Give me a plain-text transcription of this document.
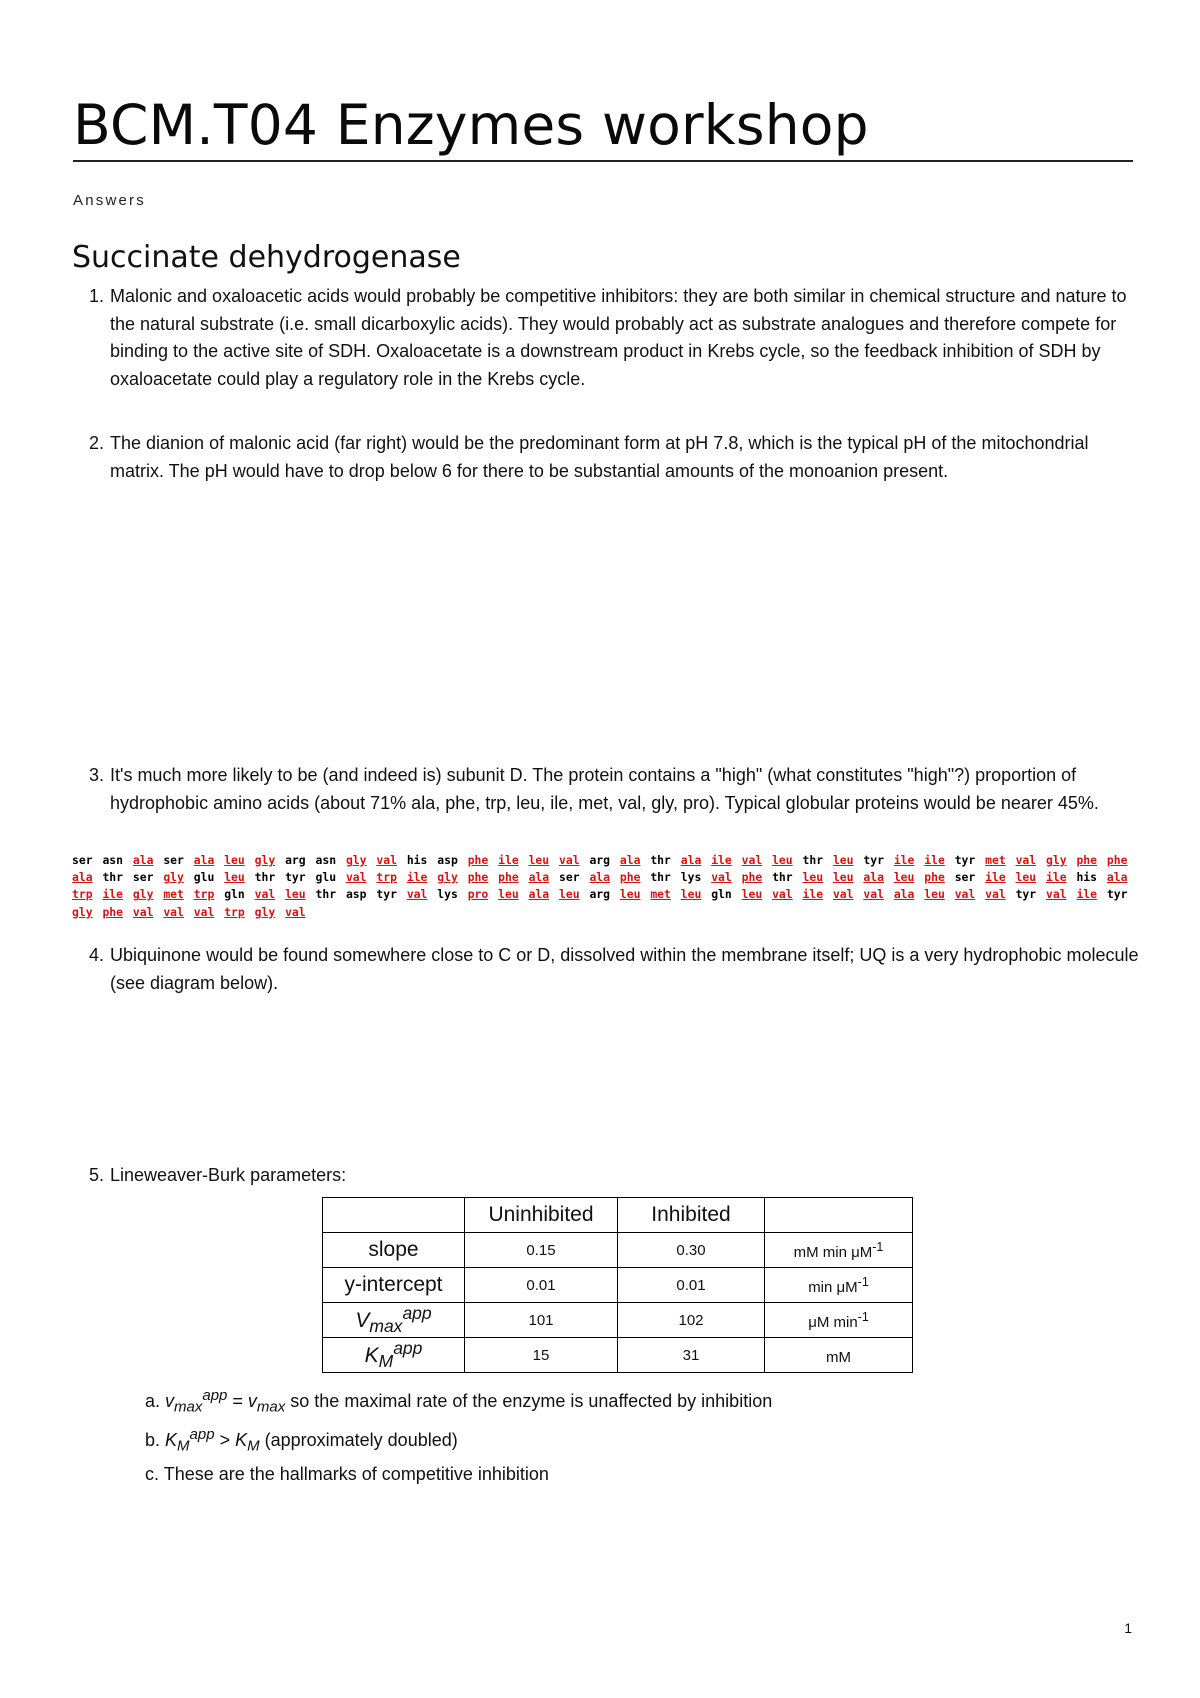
BCM.T04 Enzymes workshop
Answers
Succinate dehydrogenase
1. Malonic and oxaloacetic acids would probably be competitive inhibitors: they are both similar in chemical structure and nature to the natural substrate (i.e. small dicarboxylic acids). They would probably act as substrate analogues and therefore compete for binding to the active site of SDH. Oxaloacetate is a downstream product in Krebs cycle, so the feedback inhibition of SDH by oxaloacetate could play a regulatory role in the Krebs cycle.
2. The dianion of malonic acid (far right) would be the predominant form at pH 7.8, which is the typical pH of the mitochondrial matrix. The pH would have to drop below 6 for there to be substantial amounts of the monoanion present.
3. It's much more likely to be (and indeed is) subunit D. The protein contains a "high" (what constitutes "high"?) proportion of hydrophobic amino acids (about 71% ala, phe, trp, leu, ile, met, val, gly, pro). Typical globular proteins would be nearer 45%.
ser asn ala ser ala leu gly arg asn gly val his asp phe ile leu val arg ala thr ala ile val leu thr leu tyr ile ile tyr met val gly phe phe ala thr ser gly glu leu thr tyr glu val trp ile gly phe phe ala ser ala phe thr lys val phe thr leu leu ala leu phe ser ile leu ile his ala trp ile gly met trp gln val leu thr asp tyr val lys pro leu ala leu arg leu met leu gln leu val ile val val ala leu val val tyr val ile tyr gly phe val val val trp gly val
4. Ubiquinone would be found somewhere close to C or D, dissolved within the membrane itself; UQ is a very hydrophobic molecule (see diagram below).
5. Lineweaver-Burk parameters:
	Uninhibited	Inhibited	
slope	0.15	0.30	mM $\min \mu M^{-1}$
y-intercept	0.01	0.01	$\min \mu M^{-1}$
$V_{max}^{app}$	101	102	μM $\min^{-1}$
$K_M^{app}$	15	31	mM
a. $v_{max}^{app} = v_{max}$ so the maximal rate of the enzyme is unaffected by inhibition
b. $K_M^{app} > K_M$ (approximately doubled)
c. These are the hallmarks of competitive inhibition
1
